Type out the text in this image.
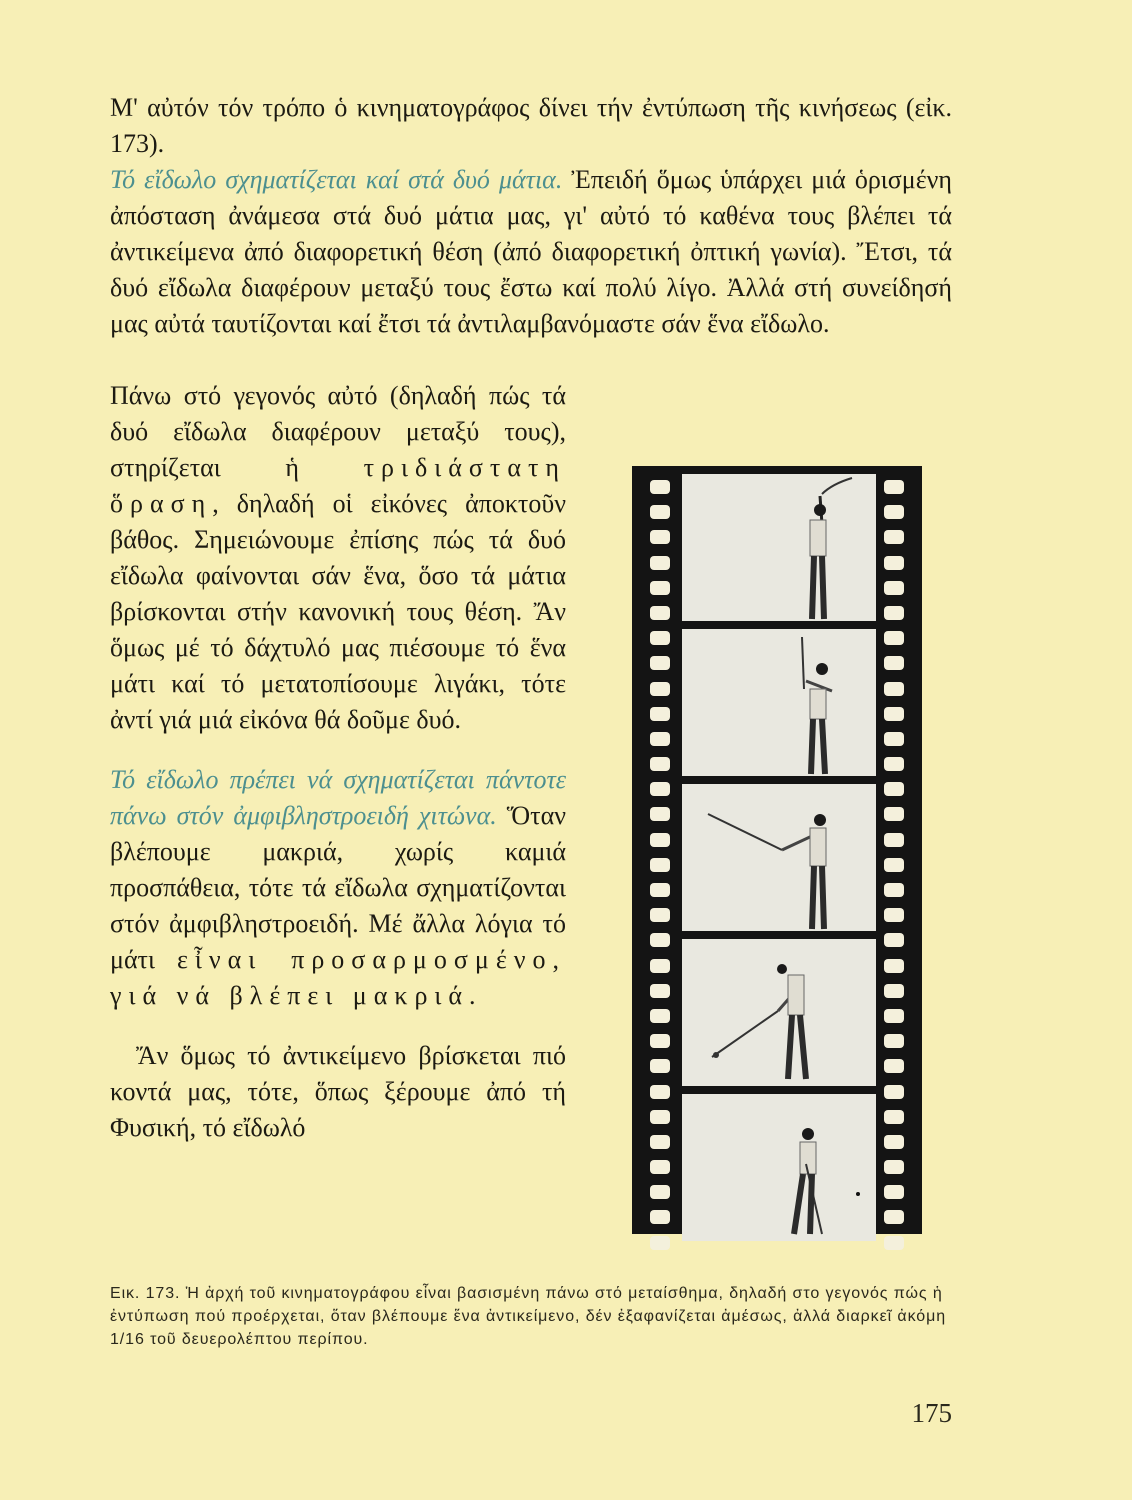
Μ' αὐτόν τόν τρόπο ὁ κινηματογράφος δίνει τήν ἐντύπωση τῆς κινήσεως (εἰκ. 173).

Τό εἴδωλο σχηματίζεται καί στά δυό μάτια. Ἐπειδή ὅμως ὑπάρχει μιά ὁρισμένη ἀπόσταση ἀνάμεσα στά δυό μάτια μας, γι' αὐτό τό καθένα τους βλέπει τά ἀντικείμενα ἀπό διαφορετική θέση (ἀπό διαφορετική ὀπτική γωνία). Ἔτσι, τά δυό εἴδωλα διαφέρουν μεταξύ τους ἔστω καί πολύ λίγο. Ἀλλά στή συνείδησή μας αὐτά ταυτίζονται καί ἔτσι τά ἀντιλαμβανόμαστε σάν ἕνα εἴδωλο.

Πάνω στό γεγονός αὐτό (δηλαδή πώς τά δυό εἴδωλα διαφέρουν μεταξύ τους), στηρίζεται ἡ τριδιάστατη ὅραση, δηλαδή οἱ εἰκόνες ἀποκτοῦν βάθος. Σημειώνουμε ἐπίσης πώς τά δυό εἴδωλα φαίνονται σάν ἕνα, ὅσο τά μάτια βρίσκονται στήν κανονική τους θέση. Ἄν ὅμως μέ τό δάχτυλό μας πιέσουμε τό ἕνα μάτι καί τό μετατοπίσουμε λιγάκι, τότε ἀντί γιά μιά εἰκόνα θά δοῦμε δυό.

Τό εἴδωλο πρέπει νά σχηματίζεται πάντοτε πάνω στόν ἀμφιβληστροειδή χιτώνα. Ὅταν βλέπουμε μακριά, χωρίς καμιά προσπάθεια, τότε τά εἴδωλα σχηματίζονται στόν ἀμφιβληστροειδή. Μέ ἄλλα λόγια τό μάτι εἶναι προσαρμοσμένο, γιά νά βλέπει μακριά.

Ἄν ὅμως τό ἀντικείμενο βρίσκεται πιό κοντά μας, τότε, ὅπως ξέρουμε ἀπό τή Φυσική, τό εἴδωλό

Εικ. 173. Ἡ ἀρχή τοῦ κινηματογράφου εἶναι βασισμένη πάνω στό μεταίσθημα, δηλαδή στο γεγονός πώς ἡ ἐντύπωση πού προέρχεται, ὅταν βλέπουμε ἕνα ἀντικείμενο, δέν ἐξαφανίζεται ἀμέσως, ἀλλά διαρκεῖ ἀκόμη 1/16 τοῦ δευερολέπτου περίπου.
175
